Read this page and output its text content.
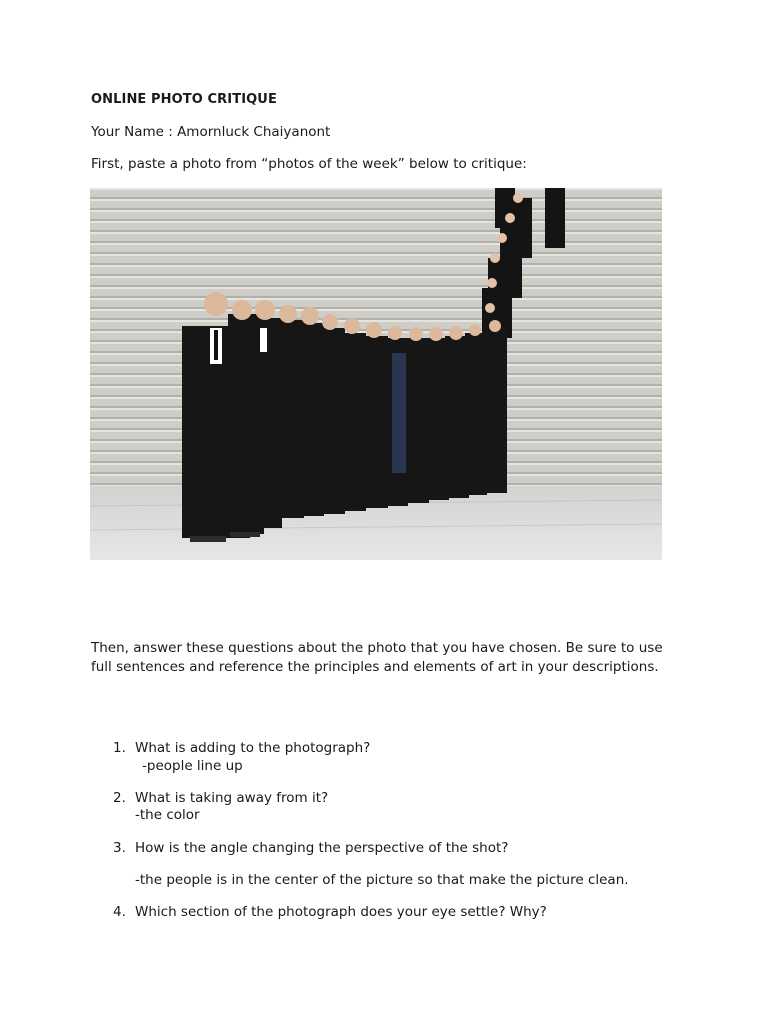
ONLINE PHOTO CRITIQUE
Your Name : Amornluck Chaiyanont
First, paste a photo from “photos of the week” below to critique:
Then, answer these questions about the photo that you have chosen. Be sure to use full sentences and reference the principles and elements of art in your descriptions.
1. What is adding to the photograph?
-people line up
2. What is taking away from it?
-the color
3. How is the angle changing the perspective of the shot?
-the people is in the center of the picture so that make the picture clean.
4. Which section of the photograph does your eye settle? Why?
